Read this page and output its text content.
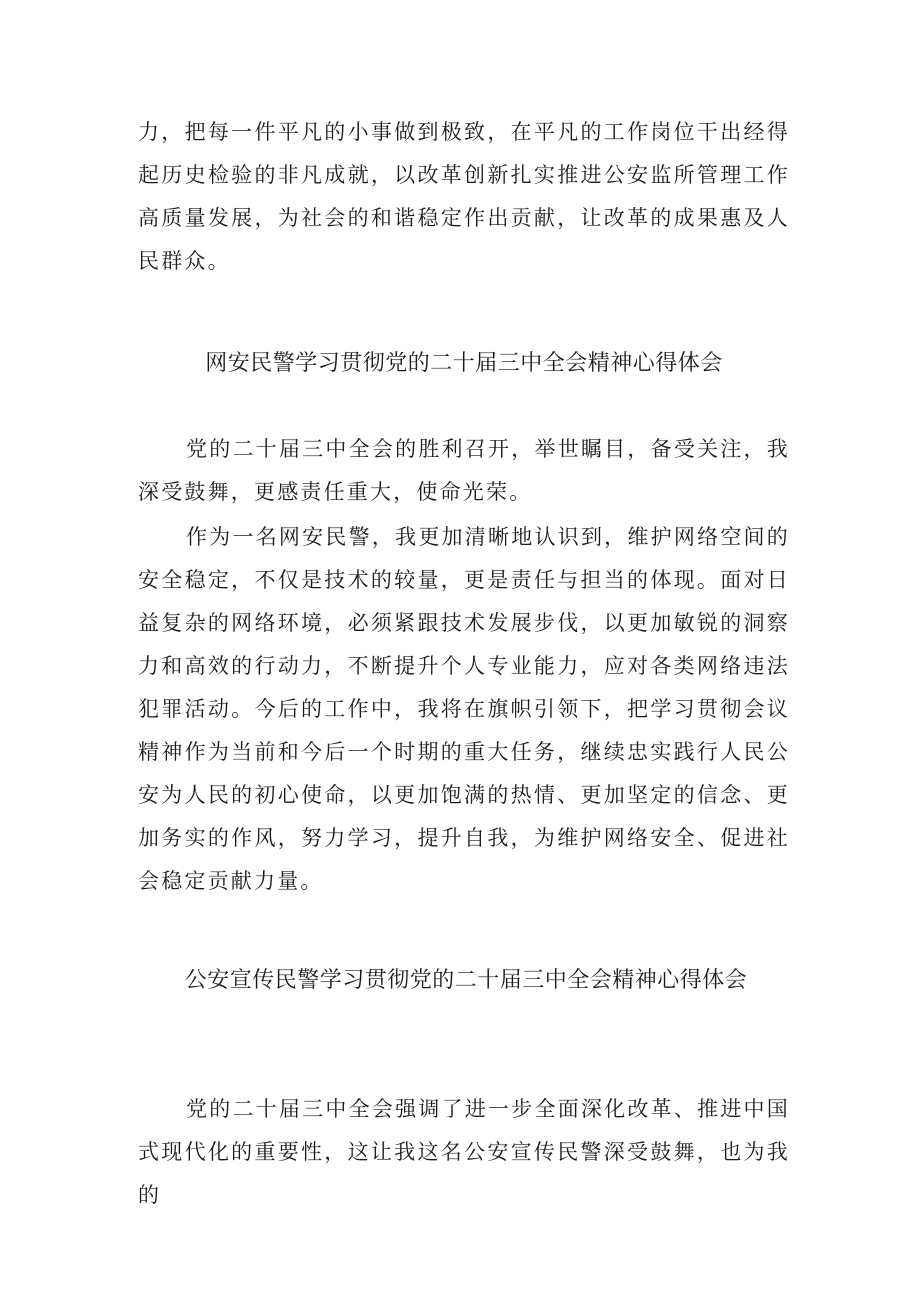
力，把每一件平凡的小事做到极致，在平凡的工作岗位干出经得起历史检验的非凡成就，以改革创新扎实推进公安监所管理工作高质量发展，为社会的和谐稳定作出贡献，让改革的成果惠及人民群众。

网安民警学习贯彻党的二十届三中全会精神心得体会

党的二十届三中全会的胜利召开，举世瞩目，备受关注，我深受鼓舞，更感责任重大，使命光荣。

作为一名网安民警，我更加清晰地认识到，维护网络空间的安全稳定，不仅是技术的较量，更是责任与担当的体现。面对日益复杂的网络环境，必须紧跟技术发展步伐，以更加敏锐的洞察力和高效的行动力，不断提升个人专业能力，应对各类网络违法犯罪活动。今后的工作中，我将在旗帜引领下，把学习贯彻会议精神作为当前和今后一个时期的重大任务，继续忠实践行人民公安为人民的初心使命，以更加饱满的热情、更加坚定的信念、更加务实的作风，努力学习，提升自我，为维护网络安全、促进社会稳定贡献力量。

公安宣传民警学习贯彻党的二十届三中全会精神心得体会

党的二十届三中全会强调了进一步全面深化改革、推进中国式现代化的重要性，这让我这名公安宣传民警深受鼓舞，也为我的
